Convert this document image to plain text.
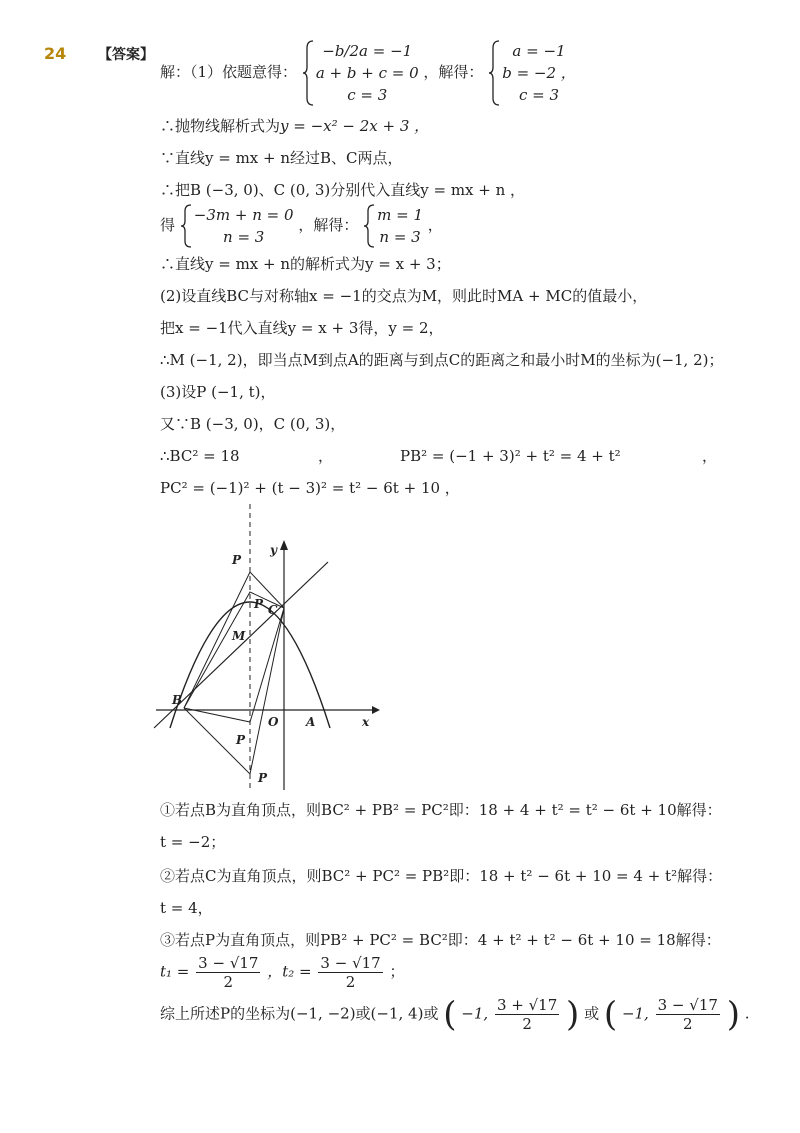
24 【答案】
解：（1）依题意得：
−b/2a = −1
a + b + c = 0
c = 3
，解得：
a = −1
b = −2 ，
c = 3
∴抛物线解析式为y = −x² − 2x + 3 ，
∵直线y = mx + n经过B、C两点，
∴把B (−3, 0)、C (0, 3)分别代入直线y = mx + n ，
得
−3m + n = 0
n = 3
，解得：
m = 1
n = 3
，
∴直线y = mx + n的解析式为y = x + 3；
(2)设直线BC与对称轴x = −1的交点为M，则此时MA + MC的值最小，
把x = −1代入直线y = x + 3得，y = 2，
∴M (−1, 2)，即当点M到点A的距离与到点C的距离之和最小时M的坐标为(−1, 2)；
(3)设P (−1, t)，
又∵B (−3, 0)，C (0, 3)，
∴BC² = 18	，	PB² = (−1 + 3)² + t² = 4 + t²	，
PC² = (−1)² + (t − 3)² = t² − 6t + 10 ，
P
P C
M
B
O A	x
y
P
P
①若点B为直角顶点，则BC² + PB² = PC²即：18 + 4 + t² = t² − 6t + 10解得：
t = −2；
②若点C为直角顶点，则BC² + PC² = PB²即：18 + t² − 6t + 10 = 4 + t²解得：
t = 4，
③若点P为直角顶点，则PB² + PC² = BC²即：4 + t² + t² − 6t + 10 = 18解得：
$t_1 = \frac{3 - √17}{2}$ ，$t_2 = \frac{3 - √17}{2}$ ；
综上所述P的坐标为(−1, −2)或(−1, 4)或 ( −1, $\frac{3 + √17}{2}$ ) 或 ( −1, $\frac{3 - √17}{2}$ ) .
